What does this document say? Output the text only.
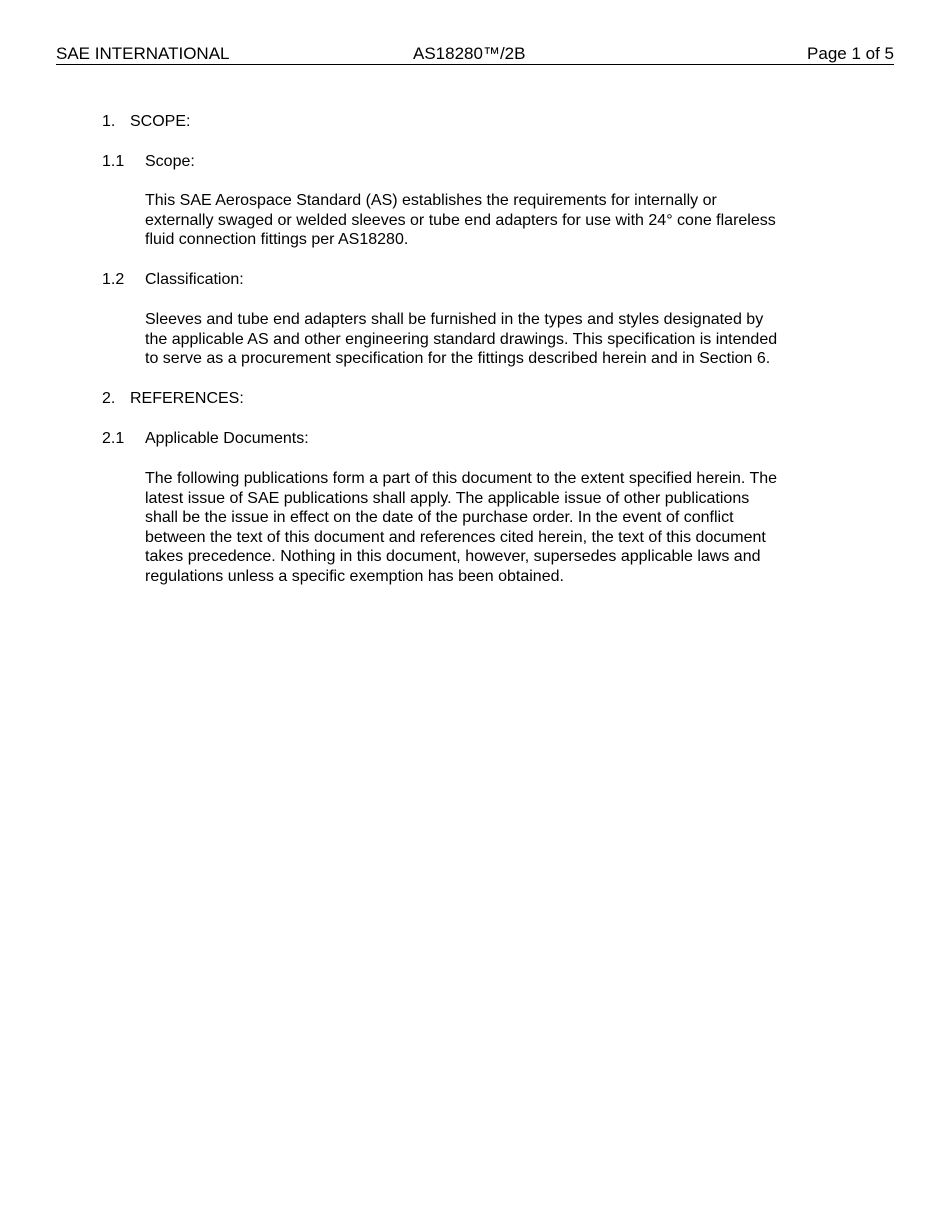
SAE INTERNATIONAL	AS18280™/2B	Page 1 of 5
1. SCOPE:
1.1 Scope:
This SAE Aerospace Standard (AS) establishes the requirements for internally or
externally swaged or welded sleeves or tube end adapters for use with 24° cone flareless
fluid connection fittings per AS18280.
1.2 Classification:
Sleeves and tube end adapters shall be furnished in the types and styles designated by
the applicable AS and other engineering standard drawings. This specification is intended
to serve as a procurement specification for the fittings described herein and in Section 6.
2. REFERENCES:
2.1 Applicable Documents:
The following publications form a part of this document to the extent specified herein. The
latest issue of SAE publications shall apply. The applicable issue of other publications
shall be the issue in effect on the date of the purchase order. In the event of conflict
between the text of this document and references cited herein, the text of this document
takes precedence. Nothing in this document, however, supersedes applicable laws and
regulations unless a specific exemption has been obtained.
